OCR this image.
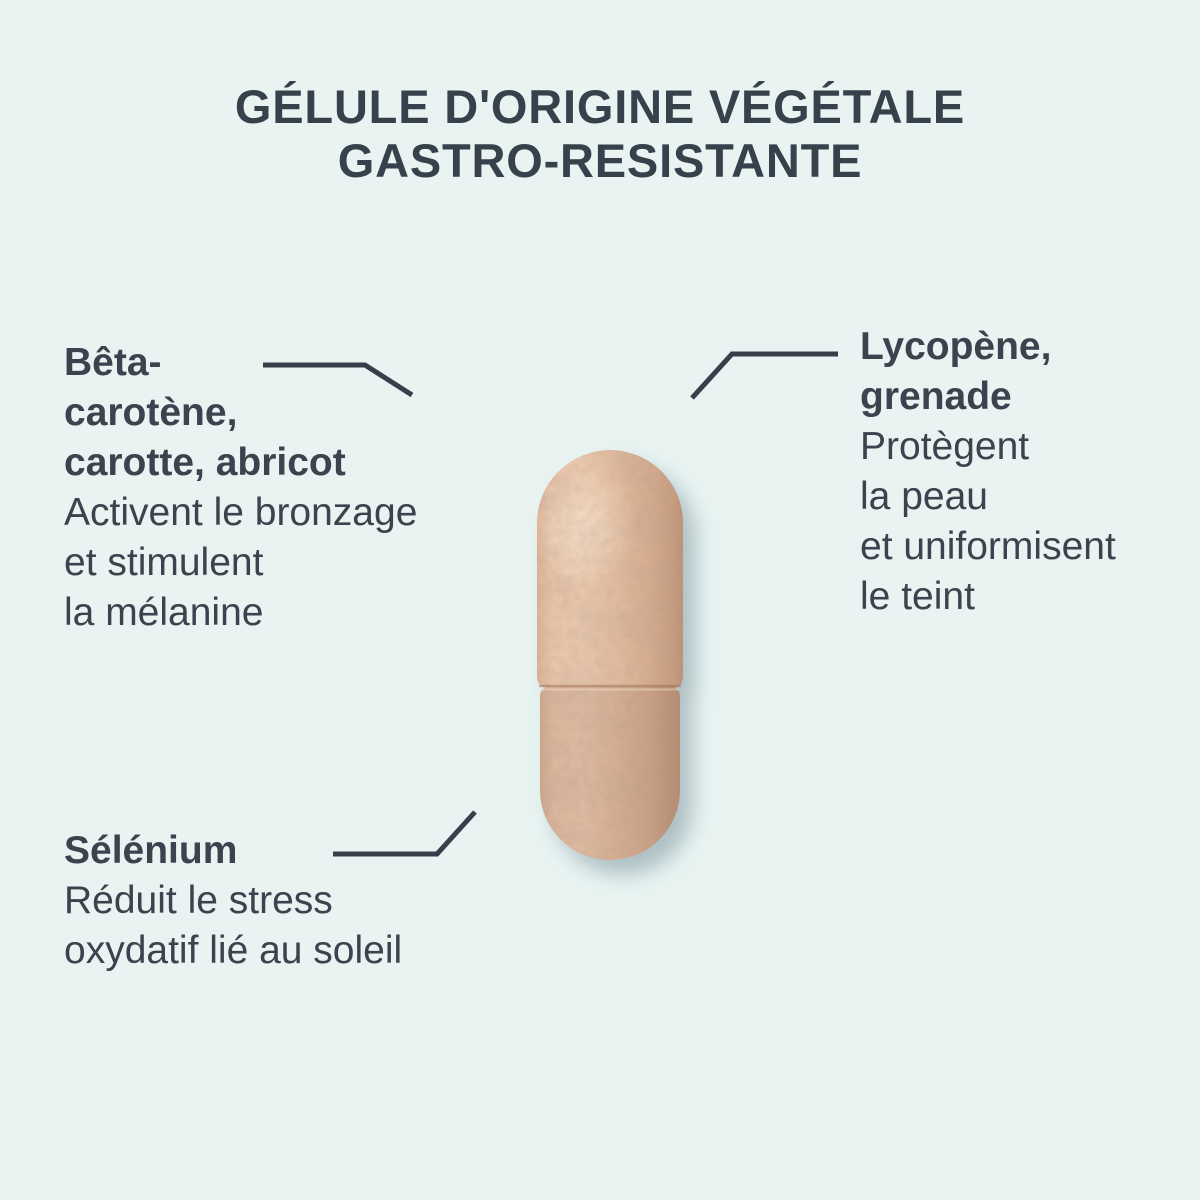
GÉLULE D'ORIGINE VÉGÉTALE
GASTRO-RESISTANTE
Bêta-
carotène,
carotte, abricot
Activent le bronzage
et stimulent
la mélanine
Lycopène,
grenade
Protègent
la peau
et uniformisent
le teint
Sélénium
Réduit le stress
oxydatif lié au soleil
